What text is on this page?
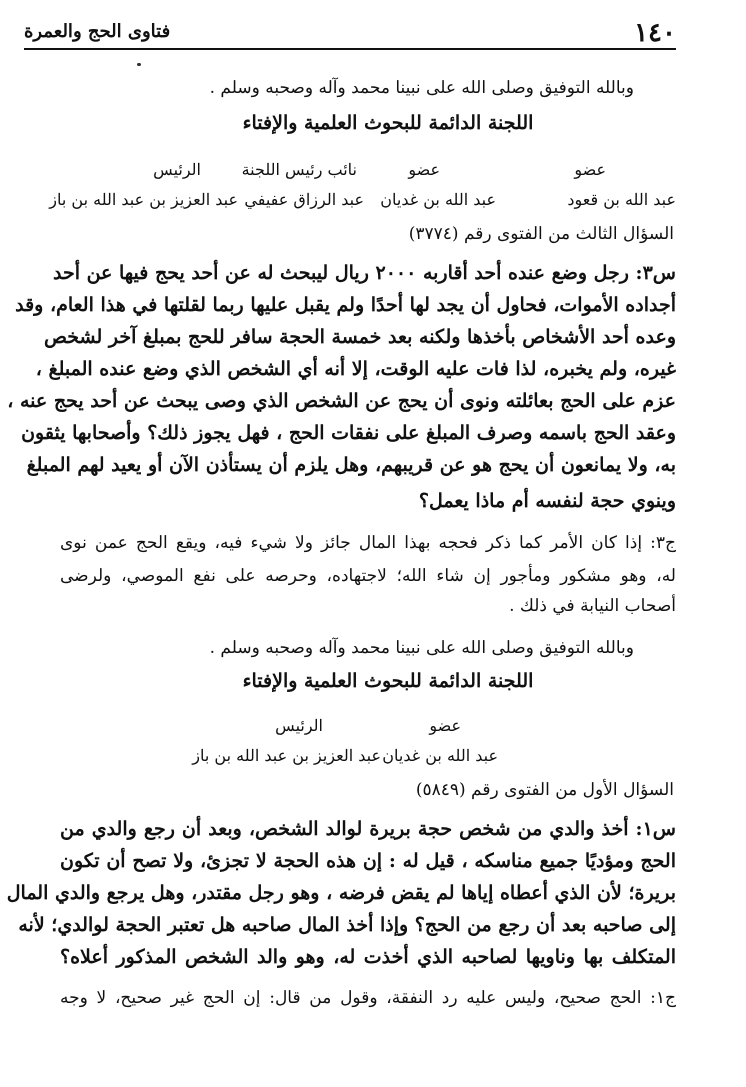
فتاوى الحج والعمرة	١٤٠
وبالله التوفيق وصلى الله على نبينا محمد وآله وصحبه وسلم .
اللجنة الدائمة للبحوث العلمية والإفتاء
عضو
عضو
نائب رئيس اللجنة
الرئيس
عبد الله بن قعود
عبد الله بن غديان
عبد الرزاق عفيفي
عبد العزيز بن عبد الله بن باز
السؤال الثالث من الفتوى رقم (٣٧٧٤)
س٣: رجل وضع عنده أحد أقاربه ٢٠٠٠ ريال ليبحث له عن أحد يحج فيها عن أحد
أجداده الأموات، فحاول أن يجد لها أحدًا ولم يقبل عليها ربما لقلتها في هذا العام، وقد
وعده أحد الأشخاص بأخذها ولكنه بعد خمسة الحجة سافر للحج بمبلغ آخر لشخص
غيره، ولم يخبره، لذا فات عليه الوقت، إلا أنه أي الشخص الذي وضع عنده المبلغ ،
عزم على الحج بعائلته ونوى أن يحج عن الشخص الذي وصى يبحث عن أحد يحج عنه ،
وعقد الحج باسمه وصرف المبلغ على نفقات الحج ، فهل يجوز ذلك؟ وأصحابها يثقون
به، ولا يمانعون أن يحج هو عن قريبهم، وهل يلزم أن يستأذن الآن أو يعيد لهم المبلغ
وينوي حجة لنفسه أم ماذا يعمل؟
ج٣: إذا كان الأمر كما ذكر فحجه بهذا المال جائز ولا شيء فيه، ويقع الحج عمن نوى
له، وهو مشكور ومأجور إن شاء الله؛ لاجتهاده، وحرصه على نفع الموصي، ولرضى
أصحاب النيابة في ذلك .
وبالله التوفيق وصلى الله على نبينا محمد وآله وصحبه وسلم .
اللجنة الدائمة للبحوث العلمية والإفتاء
عضو
الرئيس
عبد الله بن غديان
عبد العزيز بن عبد الله بن باز
السؤال الأول من الفتوى رقم (٥٨٤٩)
س١: أخذ والدي من شخص حجة بريرة لوالد الشخص، وبعد أن رجع والدي من
الحج ومؤديًا جميع مناسكه ، قيل له : إن هذه الحجة لا تجزئ، ولا تصح أن تكون
بريرة؛ لأن الذي أعطاه إياها لم يقض فرضه ، وهو رجل مقتدر، وهل يرجع والدي المال
إلى صاحبه بعد أن رجع من الحج؟ وإذا أخذ المال صاحبه هل تعتبر الحجة لوالدي؛ لأنه
المتكلف بها وناويها لصاحبه الذي أخذت له، وهو والد الشخص المذكور أعلاه؟
ج١: الحج صحيح، وليس عليه رد النفقة، وقول من قال: إن الحج غير صحيح، لا وجه
